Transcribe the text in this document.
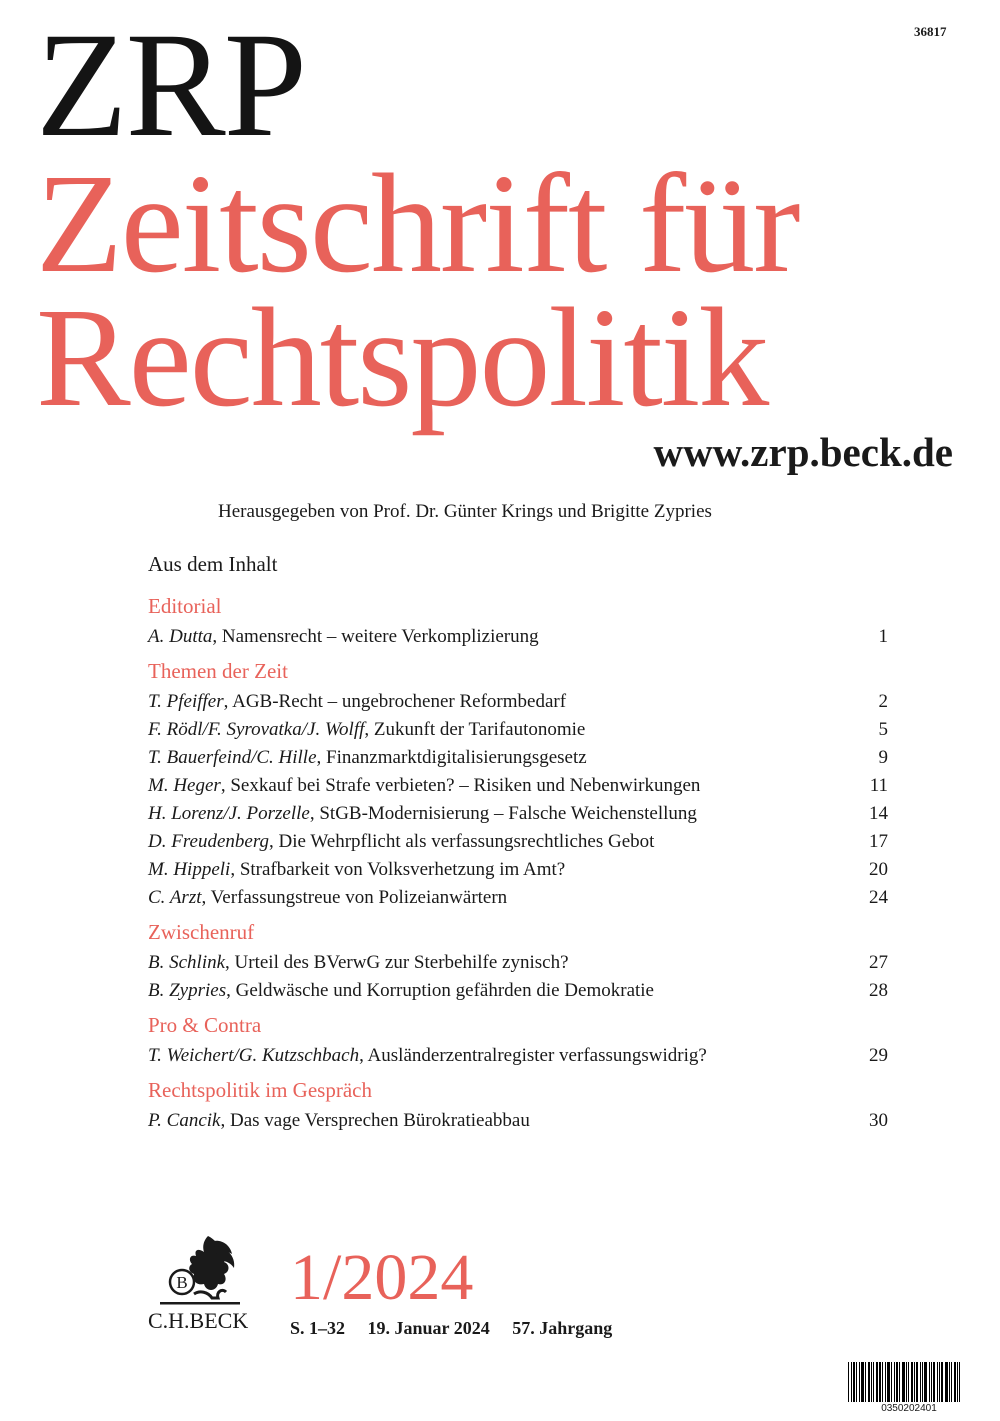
36817
ZRP
Zeitschrift für
Rechtspolitik
www.zrp.beck.de
Herausgegeben von Prof. Dr. Günter Krings und Brigitte Zypries
Aus dem Inhalt
Editorial
A. Dutta, Namensrecht – weitere Verkomplizierung	1
Themen der Zeit
T. Pfeiffer, AGB-Recht – ungebrochener Reformbedarf	2
F. Rödl/F. Syrovatka/J. Wolff, Zukunft der Tarifautonomie	5
T. Bauerfeind/C. Hille, Finanzmarktdigitalisierungsgesetz	9
M. Heger, Sexkauf bei Strafe verbieten? – Risiken und Nebenwirkungen	11
H. Lorenz/J. Porzelle, StGB-Modernisierung – Falsche Weichenstellung	14
D. Freudenberg, Die Wehrpflicht als verfassungsrechtliches Gebot	17
M. Hippeli, Strafbarkeit von Volksverhetzung im Amt?	20
C. Arzt, Verfassungstreue von Polizeianwärtern	24
Zwischenruf
B. Schlink, Urteil des BVerwG zur Sterbehilfe zynisch?	27
B. Zypries, Geldwäsche und Korruption gefährden die Demokratie	28
Pro & Contra
T. Weichert/G. Kutzschbach, Ausländerzentralregister verfassungswidrig?	29
Rechtspolitik im Gespräch
P. Cancik, Das vage Versprechen Bürokratieabbau	30
B
C.H.BECK
1/2024
S. 1–32 19. Januar 2024 57. Jahrgang
0350202401
